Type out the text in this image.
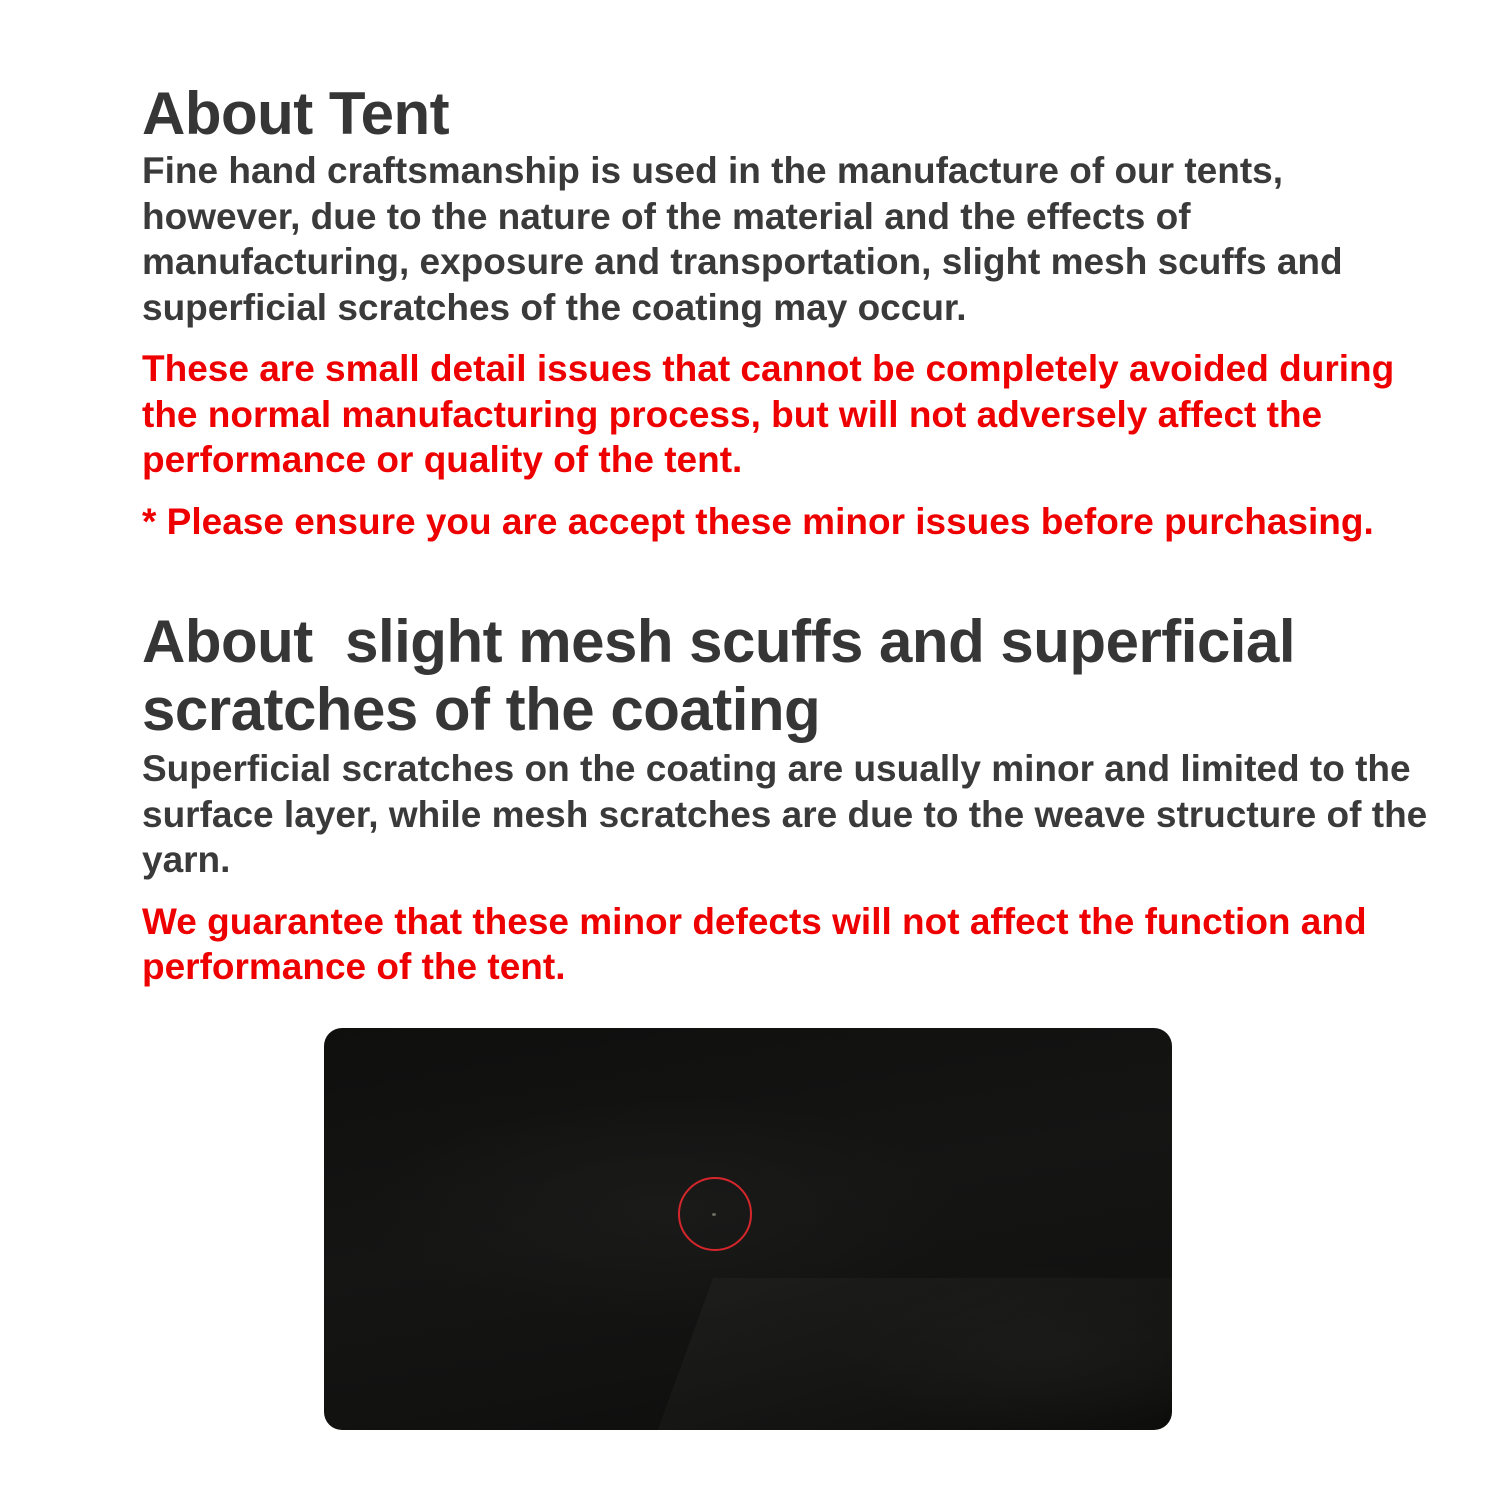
About Tent

Fine hand craftsmanship is used in the manufacture of our tents, however, due to the nature of the material and the effects of manufacturing, exposure and transportation, slight mesh scuffs and superficial scratches of the coating may occur.

These are small detail issues that cannot be completely avoided during the normal manufacturing process, but will not adversely affect the performance or quality of the tent.

* Please ensure you are accept these minor issues before purchasing.

About  slight mesh scuffs and superficial scratches of the coating

Superficial scratches on the coating are usually minor and limited to the surface layer, while mesh scratches are due to the weave structure of the yarn.

We guarantee that these minor defects will not affect the function and performance of the tent.
